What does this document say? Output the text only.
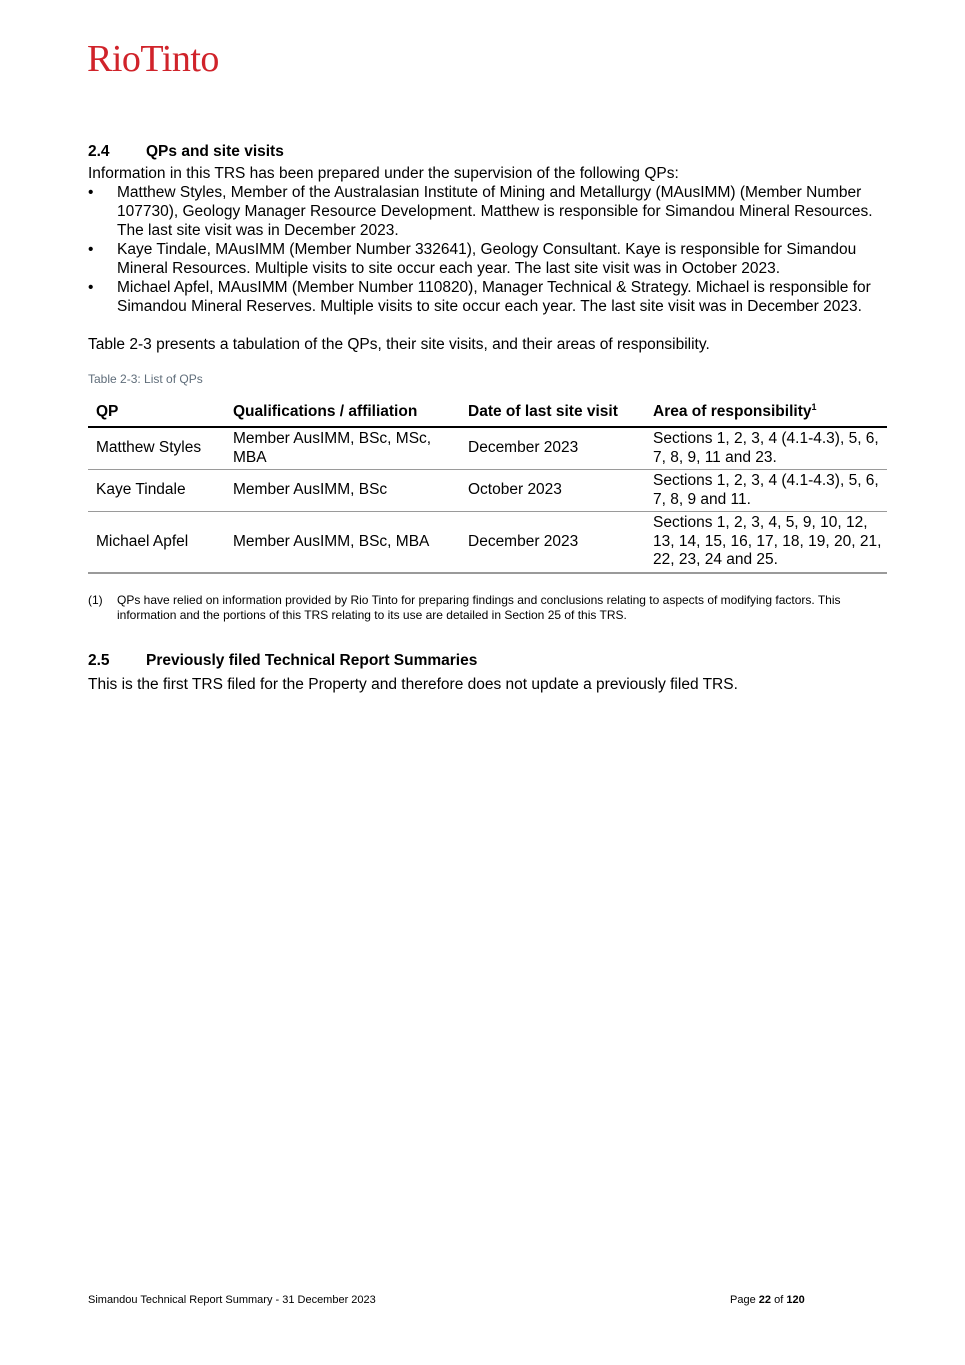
RioTinto
2.4	QPs and site visits

Information in this TRS has been prepared under the supervision of the following QPs:

•	Matthew Styles, Member of the Australasian Institute of Mining and Metallurgy (MAusIMM) (Member Number 107730), Geology Manager Resource Development. Matthew is responsible for Simandou Mineral Resources. The last site visit was in December 2023.
•	Kaye Tindale, MAusIMM (Member Number 332641), Geology Consultant. Kaye is responsible for Simandou Mineral Resources. Multiple visits to site occur each year. The last site visit was in October 2023.
•	Michael Apfel, MAusIMM (Member Number 110820), Manager Technical & Strategy. Michael is responsible for Simandou Mineral Reserves. Multiple visits to site occur each year. The last site visit was in December 2023.

Table 2-3 presents a tabulation of the QPs, their site visits, and their areas of responsibility.

Table 2-3: List of QPs
QP	Qualifications / affiliation	Date of last site visit	Area of responsibility$^1$
Matthew Styles	Member AusIMM, BSc, MSc, MBA	December 2023	Sections 1, 2, 3, 4 (4.1-4.3), 5, 6, 7, 8, 9, 11 and 23.
Kaye Tindale	Member AusIMM, BSc	October 2023	Sections 1, 2, 3, 4 (4.1-4.3), 5, 6, 7, 8, 9 and 11.
Michael Apfel	Member AusIMM, BSc, MBA	December 2023	Sections 1, 2, 3, 4, 5, 9, 10, 12, 13, 14, 15, 16, 17, 18, 19, 20, 21, 22, 23, 24 and 25.
(1)	QPs have relied on information provided by Rio Tinto for preparing findings and conclusions relating to aspects of modifying factors. This information and the portions of this TRS relating to its use are detailed in Section 25 of this TRS.
2.5	Previously filed Technical Report Summaries

This is the first TRS filed for the Property and therefore does not update a previously filed TRS.

Simandou Technical Report Summary - 31 December 2023	Page 22 of 120
